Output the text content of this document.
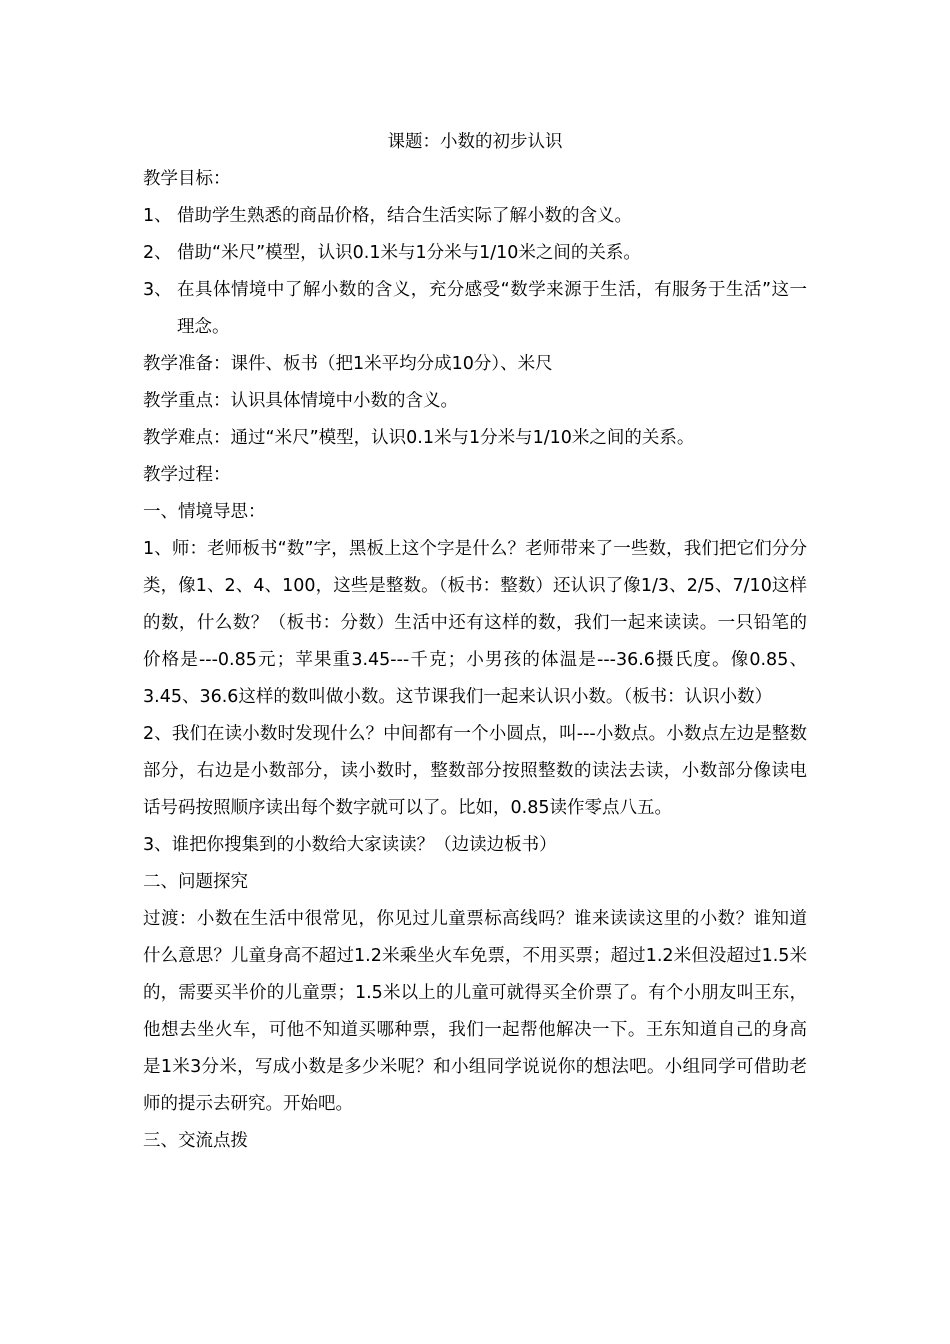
课题：小数的初步认识

教学目标：

1、 借助学生熟悉的商品价格，结合生活实际了解小数的含义。
2、 借助“米尺”模型，认识0.1米与1分米与1/10米之间的关系。
3、 在具体情境中了解小数的含义，充分感受“数学来源于生活，有服务于生活”这一理念。

教学准备：课件、板书（把1米平均分成10分）、米尺

教学重点：认识具体情境中小数的含义。

教学难点：通过“米尺”模型，认识0.1米与1分米与1/10米之间的关系。

教学过程：

一、情境导思：

1、师：老师板书“数”字，黑板上这个字是什么？老师带来了一些数，我们把它们分分类，像1、2、4、100，这些是整数。（板书：整数）还认识了像1/3、2/5、7/10这样的数，什么数？（板书：分数）生活中还有这样的数，我们一起来读读。一只铅笔的价格是---0.85元；苹果重3.45---千克；小男孩的体温是---36.6摄氏度。像0.85、3.45、36.6这样的数叫做小数。这节课我们一起来认识小数。（板书：认识小数）

2、我们在读小数时发现什么？中间都有一个小圆点，叫---小数点。小数点左边是整数部分，右边是小数部分，读小数时，整数部分按照整数的读法去读，小数部分像读电话号码按照顺序读出每个数字就可以了。比如，0.85读作零点八五。

3、谁把你搜集到的小数给大家读读？（边读边板书）

二、问题探究

过渡：小数在生活中很常见，你见过儿童票标高线吗？谁来读读这里的小数？谁知道什么意思？儿童身高不超过1.2米乘坐火车免票，不用买票；超过1.2米但没超过1.5米的，需要买半价的儿童票；1.5米以上的儿童可就得买全价票了。有个小朋友叫王东，他想去坐火车，可他不知道买哪种票，我们一起帮他解决一下。王东知道自己的身高是1米3分米，写成小数是多少米呢？和小组同学说说你的想法吧。小组同学可借助老师的提示去研究。开始吧。

三、交流点拨
